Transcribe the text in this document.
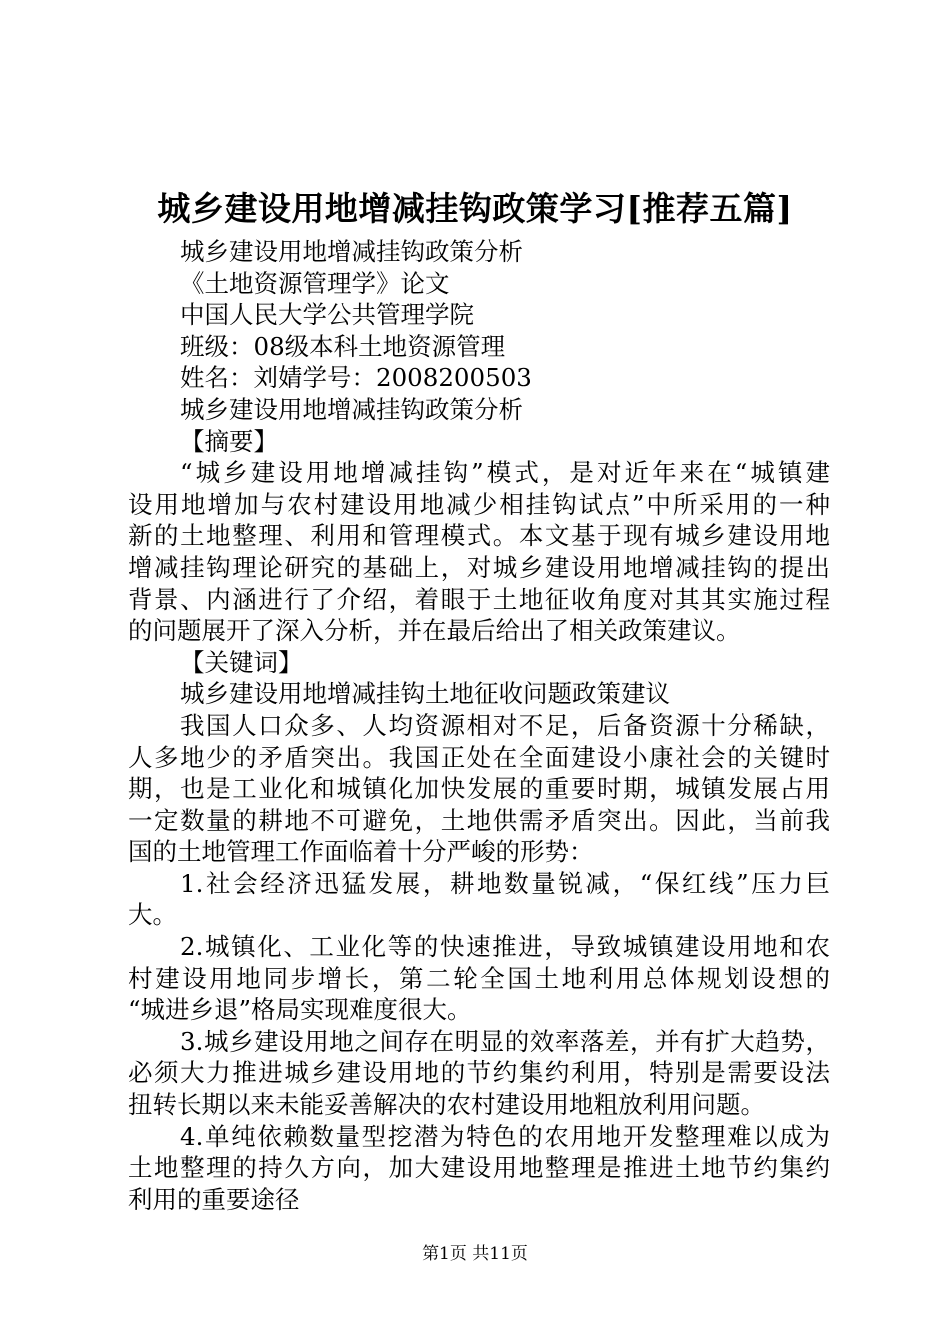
城乡建设用地增减挂钩政策学习[推荐五篇]
城乡建设用地增减挂钩政策分析
《土地资源管理学》论文
中国人民大学公共管理学院
班级：08级本科土地资源管理
姓名：刘婧学号：2008200503
城乡建设用地增减挂钩政策分析
【摘要】
“城乡建设用地增减挂钩”模式，是对近年来在“城镇建
设用地增加与农村建设用地减少相挂钩试点”中所采用的一种
新的土地整理、利用和管理模式。本文基于现有城乡建设用地
增减挂钩理论研究的基础上，对城乡建设用地增减挂钩的提出
背景、内涵进行了介绍，着眼于土地征收角度对其其实施过程
的问题展开了深入分析，并在最后给出了相关政策建议。
【关键词】
城乡建设用地增减挂钩土地征收问题政策建议
我国人口众多、人均资源相对不足，后备资源十分稀缺，
人多地少的矛盾突出。我国正处在全面建设小康社会的关键时
期，也是工业化和城镇化加快发展的重要时期，城镇发展占用
一定数量的耕地不可避免，土地供需矛盾突出。因此，当前我
国的土地管理工作面临着十分严峻的形势：
1.社会经济迅猛发展，耕地数量锐减，“保红线”压力巨
大。
2.城镇化、工业化等的快速推进，导致城镇建设用地和农
村建设用地同步增长，第二轮全国土地利用总体规划设想的
“城进乡退”格局实现难度很大。
3.城乡建设用地之间存在明显的效率落差，并有扩大趋势，
必须大力推进城乡建设用地的节约集约利用，特别是需要设法
扭转长期以来未能妥善解决的农村建设用地粗放利用问题。
4.单纯依赖数量型挖潜为特色的农用地开发整理难以成为
土地整理的持久方向，加大建设用地整理是推进土地节约集约
利用的重要途径
第1页 共11页
